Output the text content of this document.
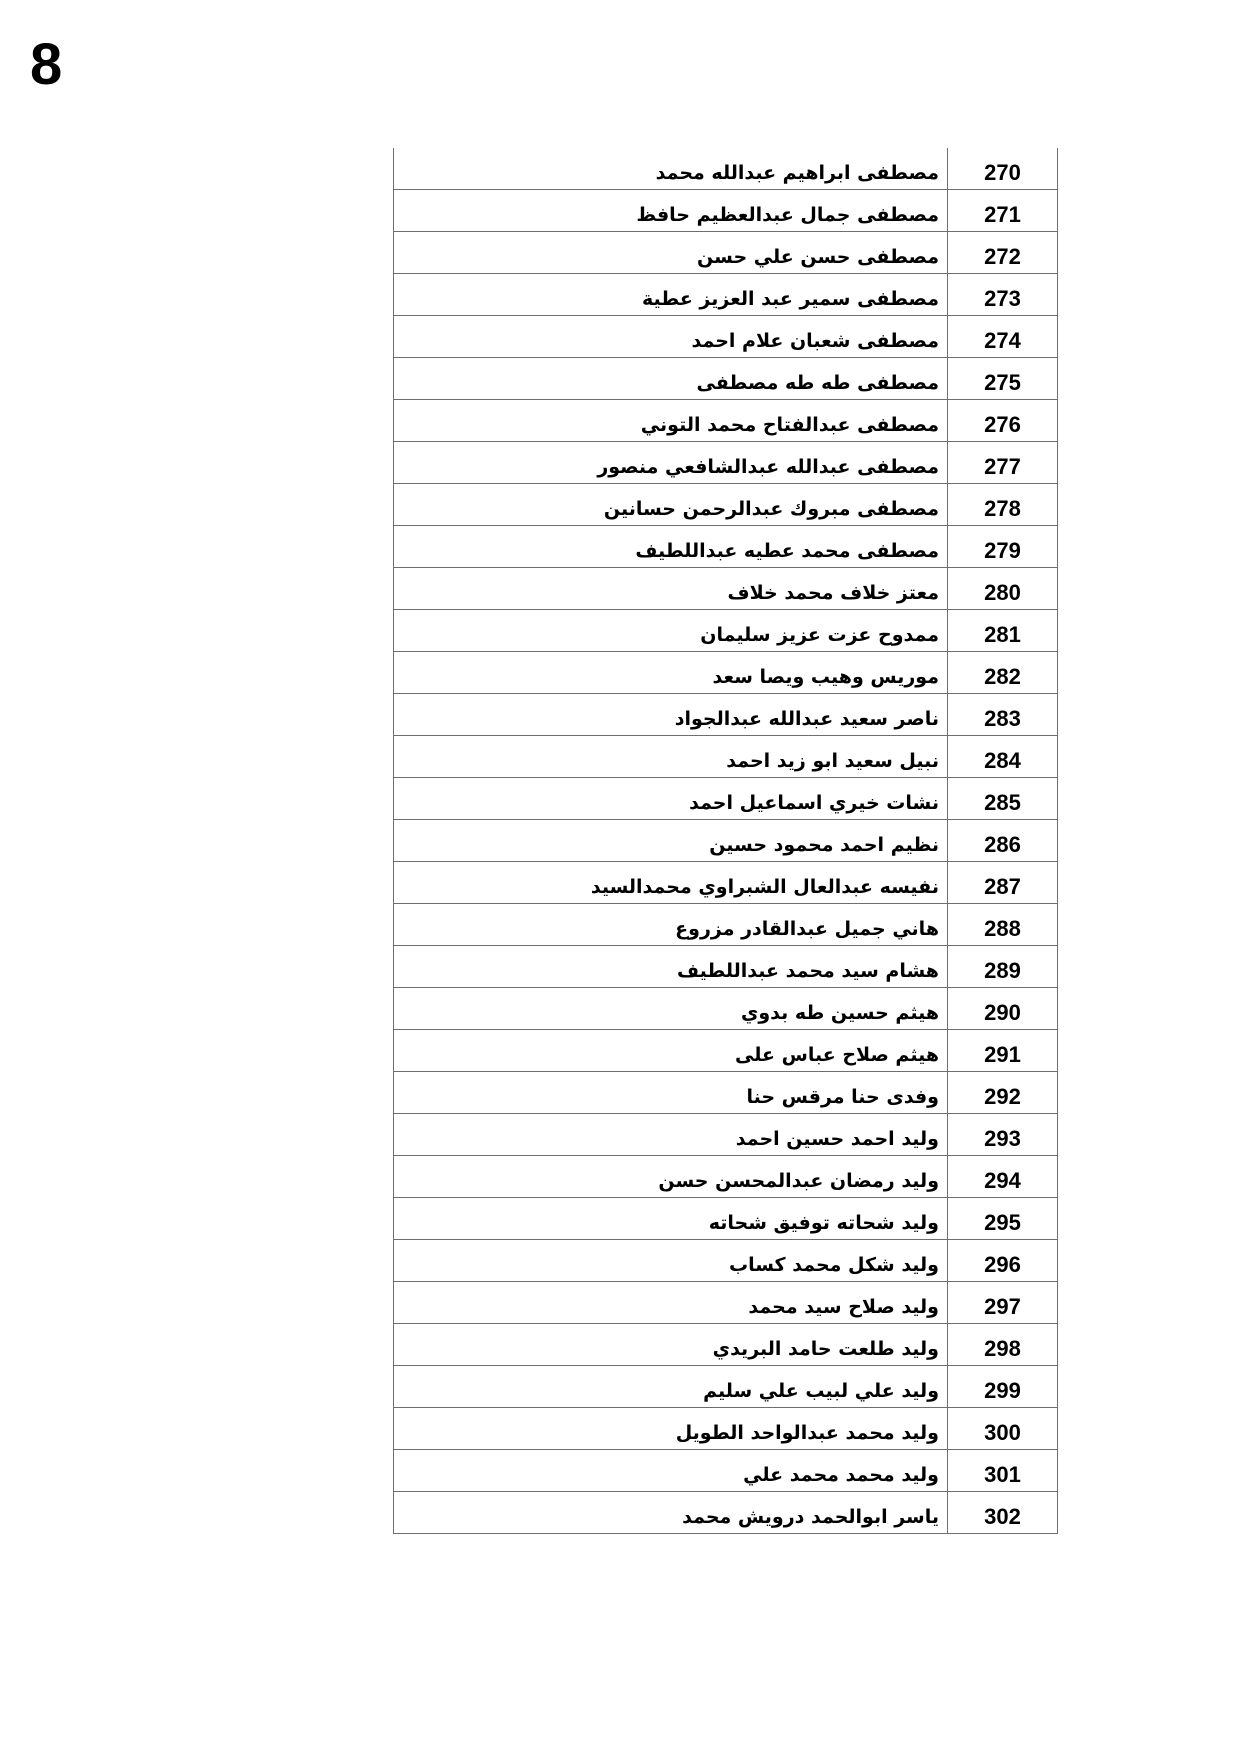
8
مصطفى ابراهيم عبدالله محمد	270
مصطفى جمال عبدالعظيم حافظ	271
مصطفى حسن علي حسن	272
مصطفى سمير عبد العزيز عطية	273
مصطفى شعبان علام احمد	274
مصطفى طه طه مصطفى	275
مصطفى عبدالفتاح محمد التوني	276
مصطفى عبدالله عبدالشافعي منصور	277
مصطفى مبروك عبدالرحمن حسانين	278
مصطفى محمد عطيه عبداللطيف	279
معتز خلاف محمد خلاف	280
ممدوح عزت عزيز سليمان	281
موريس وهيب ويصا سعد	282
ناصر سعيد عبدالله عبدالجواد	283
نبيل سعيد ابو زيد احمد	284
نشات خيري اسماعيل احمد	285
نظيم احمد محمود حسين	286
نفيسه عبدالعال الشبراوي محمدالسيد	287
هاني جميل عبدالقادر مزروع	288
هشام سيد محمد عبداللطيف	289
هيثم حسين طه بدوي	290
هيثم صلاح عباس على	291
وفدى حنا مرقس حنا	292
وليد احمد حسين احمد	293
وليد رمضان عبدالمحسن حسن	294
وليد شحاته توفيق شحاته	295
وليد شكل محمد كساب	296
وليد صلاح سيد محمد	297
وليد طلعت حامد البريدي	298
وليد علي لبيب علي سليم	299
وليد محمد عبدالواحد الطويل	300
وليد محمد محمد علي	301
ياسر ابوالحمد درويش محمد	302
